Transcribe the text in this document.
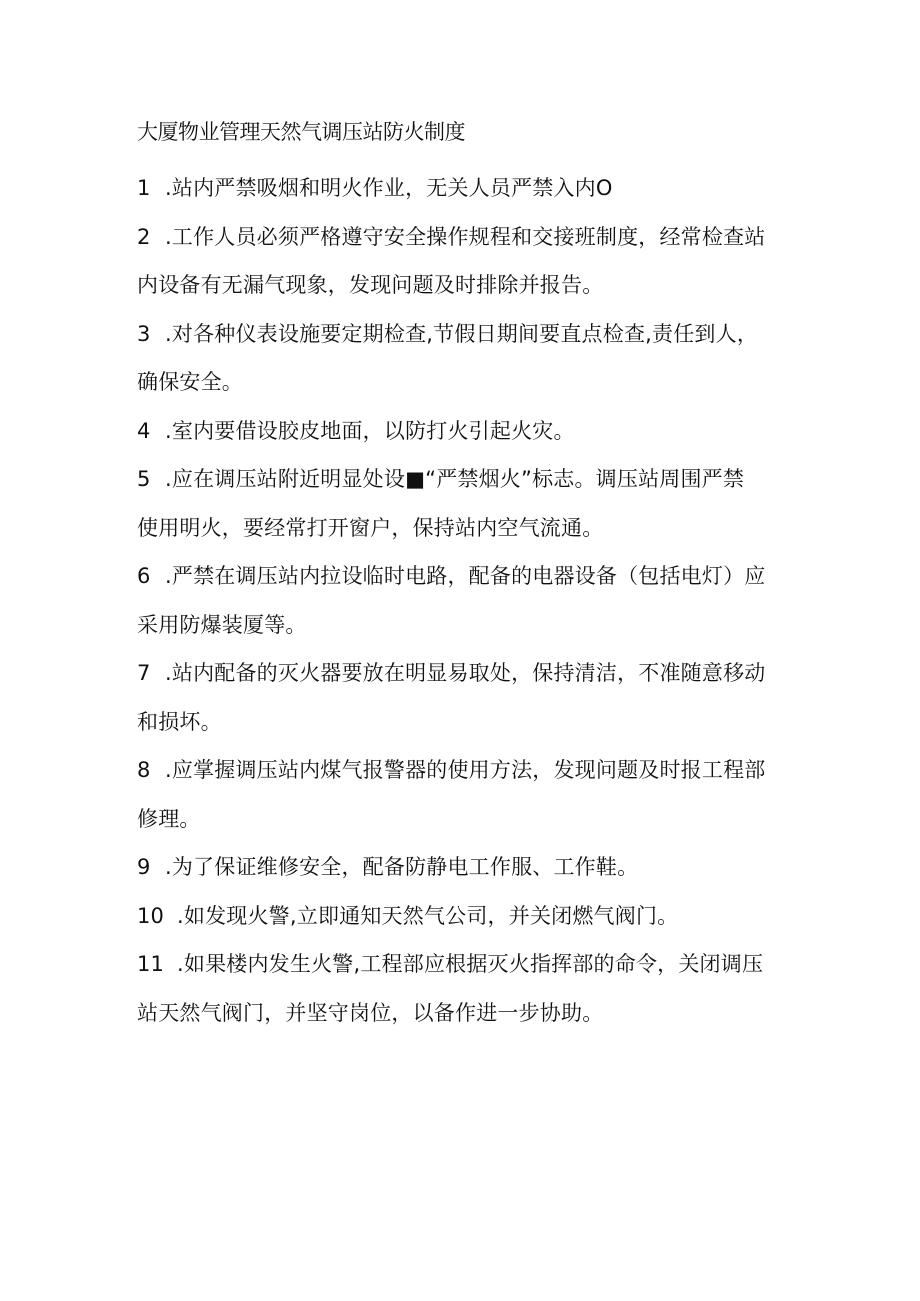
大厦物业管理天然气调压站防火制度
1 .站内严禁吸烟和明火作业，无关人员严禁入内O
2 .工作人员必须严格遵守安全操作规程和交接班制度，经常检查站
内设备有无漏气现象，发现问题及时排除并报告。
3 .对各种仪表设施要定期检查,节假日期间要直点检查,责任到人，
确保安全。
4 .室内要借设胶皮地面，以防打火引起火灾。
5 .应在调压站附近明显处设■“严禁烟火”标志。调压站周围严禁
使用明火，要经常打开窗户，保持站内空气流通。
6 .严禁在调压站内拉设临时电路，配备的电器设备（包括电灯）应
采用防爆装厦等。
7 .站内配备的灭火器要放在明显易取处，保持清洁，不准随意移动
和损坏。
8 .应掌握调压站内煤气报警器的使用方法，发现问题及时报工程部
修理。
9 .为了保证维修安全，配备防静电工作服、工作鞋。
10 .如发现火警,立即通知天然气公司，并关闭燃气阀门。
11 .如果楼内发生火警,工程部应根据灭火指挥部的命令，关闭调压
站天然气阀门，并坚守岗位，以备作进一步协助。
